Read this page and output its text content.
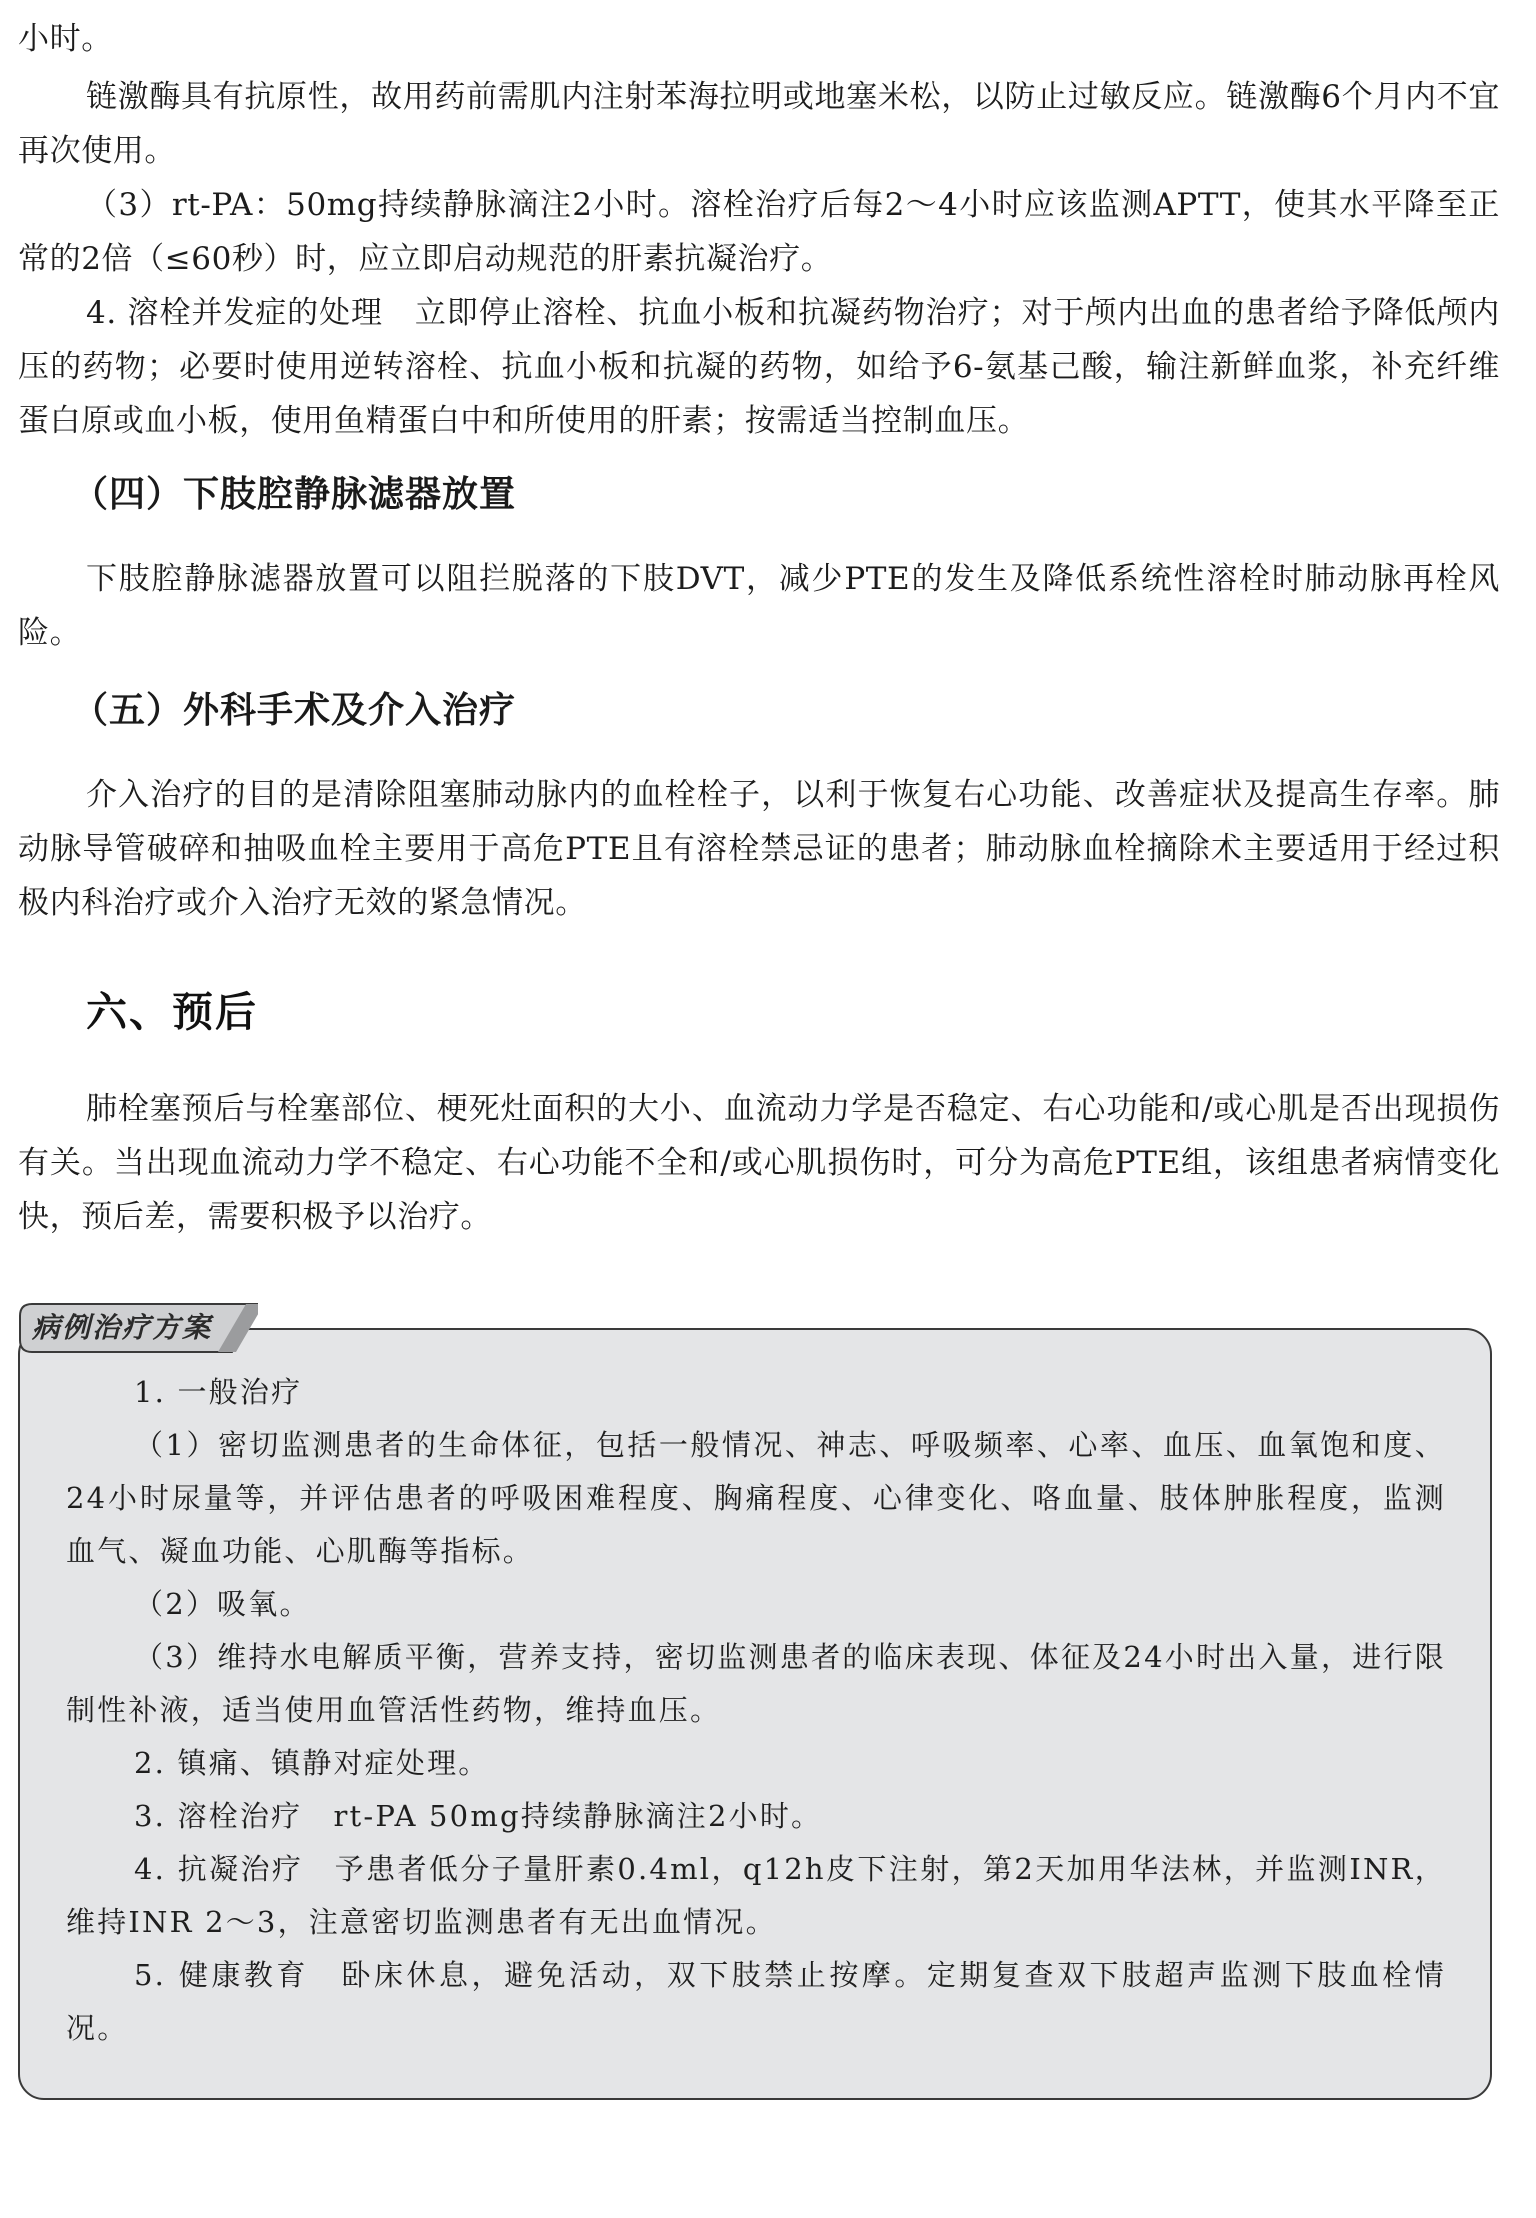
小时。

链激酶具有抗原性，故用药前需肌内注射苯海拉明或地塞米松，以防止过敏反应。链激酶6个月内不宜再次使用。

（3）rt-PA：50mg持续静脉滴注2小时。溶栓治疗后每2～4小时应该监测APTT，使其水平降至正常的2倍（≤60秒）时，应立即启动规范的肝素抗凝治疗。

4. 溶栓并发症的处理　立即停止溶栓、抗血小板和抗凝药物治疗；对于颅内出血的患者给予降低颅内压的药物；必要时使用逆转溶栓、抗血小板和抗凝的药物，如给予6-氨基己酸，输注新鲜血浆，补充纤维蛋白原或血小板，使用鱼精蛋白中和所使用的肝素；按需适当控制血压。

（四）下肢腔静脉滤器放置

下肢腔静脉滤器放置可以阻拦脱落的下肢DVT，减少PTE的发生及降低系统性溶栓时肺动脉再栓风险。

（五）外科手术及介入治疗

介入治疗的目的是清除阻塞肺动脉内的血栓栓子，以利于恢复右心功能、改善症状及提高生存率。肺动脉导管破碎和抽吸血栓主要用于高危PTE且有溶栓禁忌证的患者；肺动脉血栓摘除术主要适用于经过积极内科治疗或介入治疗无效的紧急情况。

六、预后

肺栓塞预后与栓塞部位、梗死灶面积的大小、血流动力学是否稳定、右心功能和/或心肌是否出现损伤有关。当出现血流动力学不稳定、右心功能不全和/或心肌损伤时，可分为高危PTE组，该组患者病情变化快，预后差，需要积极予以治疗。

病例治疗方案

1. 一般治疗

（1）密切监测患者的生命体征，包括一般情况、神志、呼吸频率、心率、血压、血氧饱和度、24小时尿量等，并评估患者的呼吸困难程度、胸痛程度、心律变化、咯血量、肢体肿胀程度，监测血气、凝血功能、心肌酶等指标。

（2）吸氧。

（3）维持水电解质平衡，营养支持，密切监测患者的临床表现、体征及24小时出入量，进行限制性补液，适当使用血管活性药物，维持血压。

2. 镇痛、镇静对症处理。

3. 溶栓治疗　rt-PA 50mg持续静脉滴注2小时。

4. 抗凝治疗　予患者低分子量肝素0.4ml，q12h皮下注射，第2天加用华法林，并监测INR，维持INR 2～3，注意密切监测患者有无出血情况。

5. 健康教育　卧床休息，避免活动，双下肢禁止按摩。定期复查双下肢超声监测下肢血栓情况。
